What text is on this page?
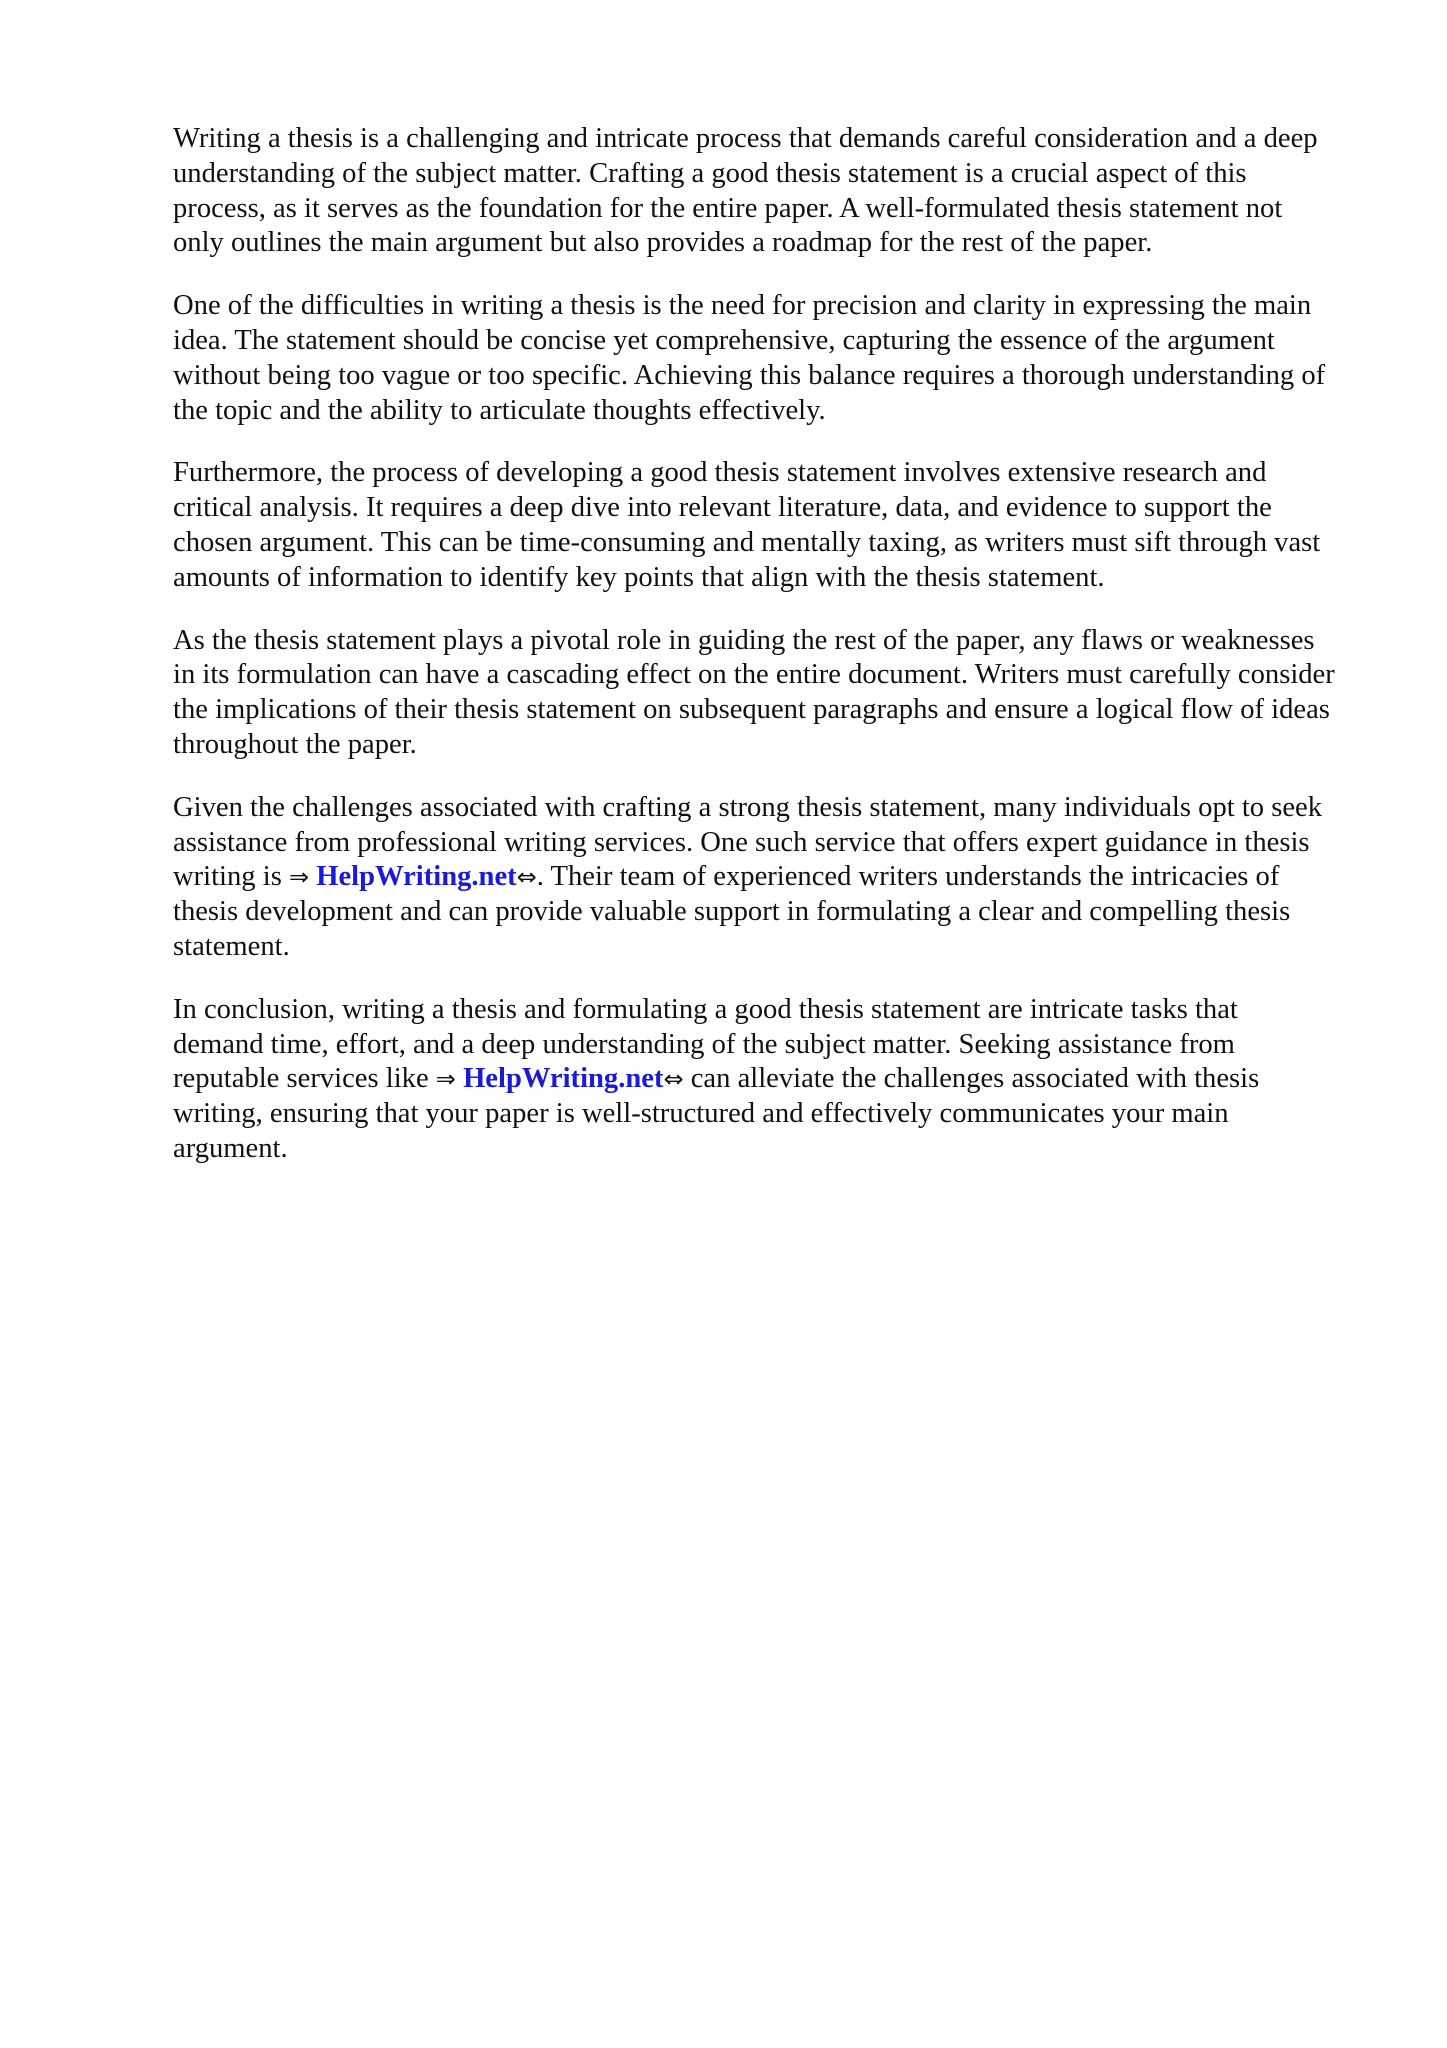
Writing a thesis is a challenging and intricate process that demands careful consideration and a deep
understanding of the subject matter. Crafting a good thesis statement is a crucial aspect of this
process, as it serves as the foundation for the entire paper. A well-formulated thesis statement not
only outlines the main argument but also provides a roadmap for the rest of the paper.

One of the difficulties in writing a thesis is the need for precision and clarity in expressing the main
idea. The statement should be concise yet comprehensive, capturing the essence of the argument
without being too vague or too specific. Achieving this balance requires a thorough understanding of
the topic and the ability to articulate thoughts effectively.

Furthermore, the process of developing a good thesis statement involves extensive research and
critical analysis. It requires a deep dive into relevant literature, data, and evidence to support the
chosen argument. This can be time-consuming and mentally taxing, as writers must sift through vast
amounts of information to identify key points that align with the thesis statement.

As the thesis statement plays a pivotal role in guiding the rest of the paper, any flaws or weaknesses
in its formulation can have a cascading effect on the entire document. Writers must carefully consider
the implications of their thesis statement on subsequent paragraphs and ensure a logical flow of ideas
throughout the paper.

Given the challenges associated with crafting a strong thesis statement, many individuals opt to seek
assistance from professional writing services. One such service that offers expert guidance in thesis
writing is ⇒ HelpWriting.net⇔. Their team of experienced writers understands the intricacies of
thesis development and can provide valuable support in formulating a clear and compelling thesis
statement.

In conclusion, writing a thesis and formulating a good thesis statement are intricate tasks that
demand time, effort, and a deep understanding of the subject matter. Seeking assistance from
reputable services like ⇒ HelpWriting.net⇔ can alleviate the challenges associated with thesis
writing, ensuring that your paper is well-structured and effectively communicates your main
argument.
